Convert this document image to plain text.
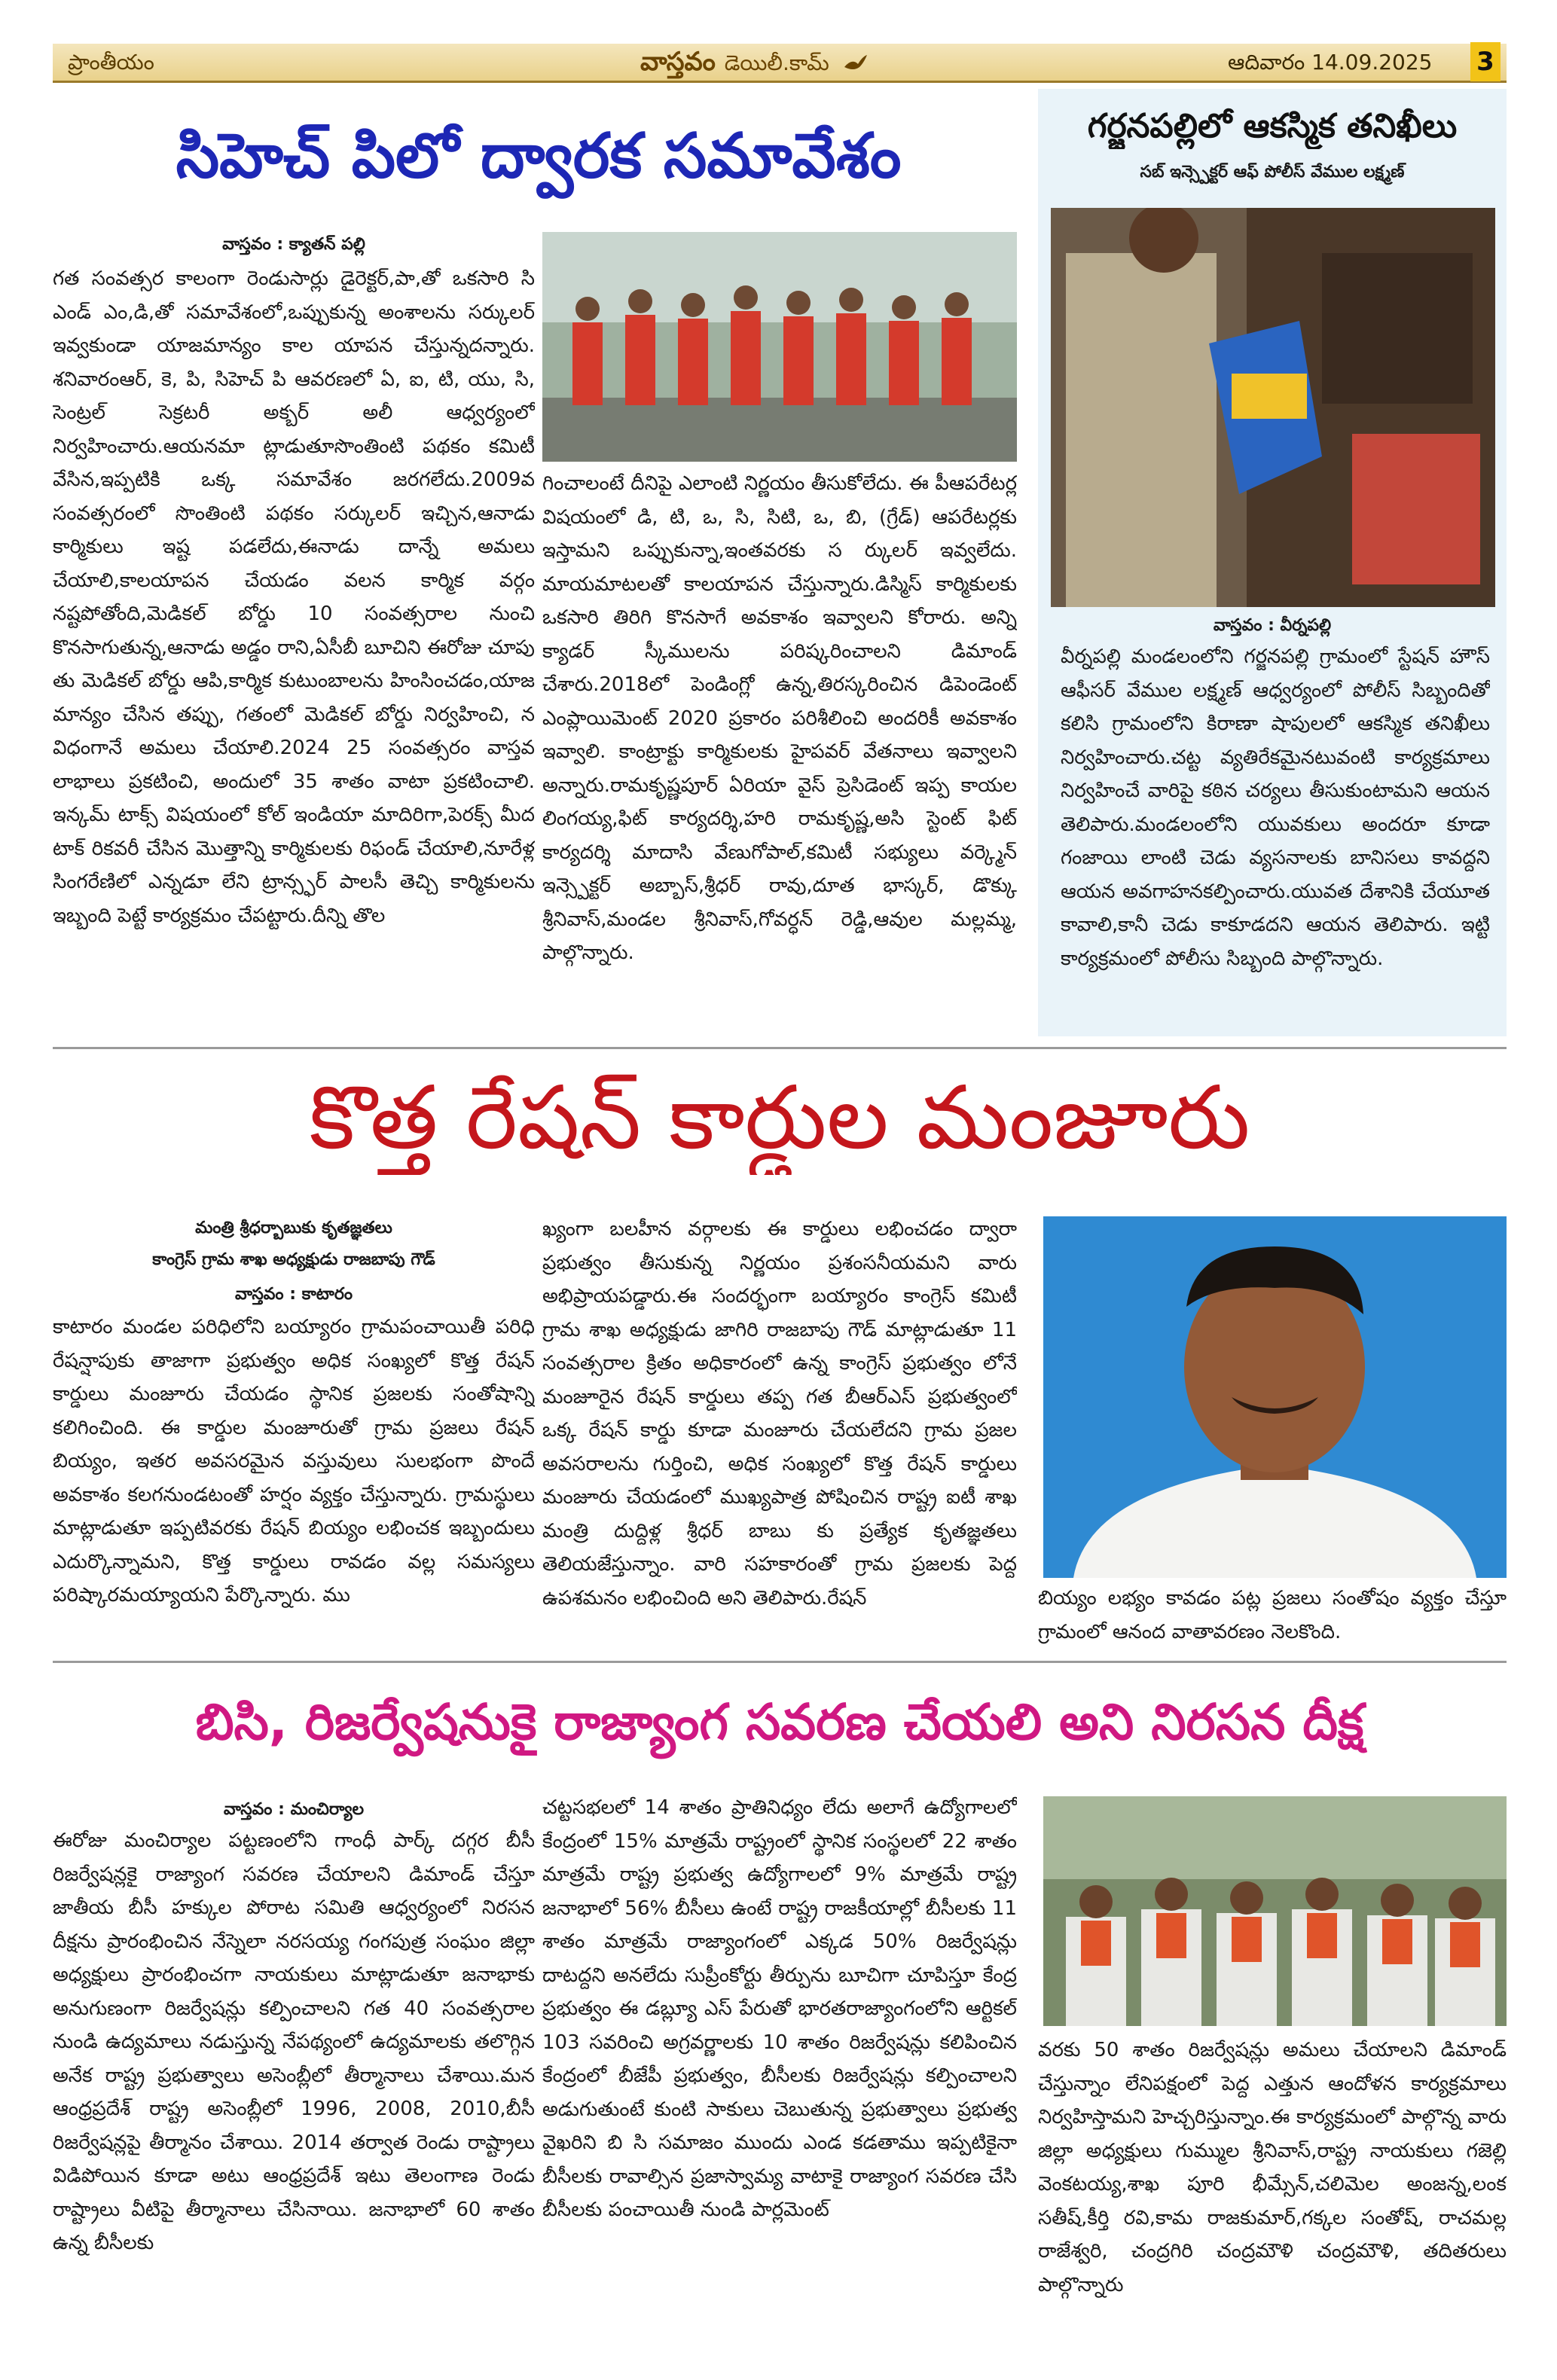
ప్రాంతీయం	వాస్తవం డెయిలీ.కామ్	ఆదివారం 14.09.2025 3
సిహెచ్ పిలో ద్వారక సమావేశం
వాస్తవం : క్యాతన్ పల్లి
గత సంవత్సర కాలంగా రెండుసార్లు డైరెక్టర్,పా,తో ఒకసారి సి ఎండ్ ఎం,డి,తో సమావేశంలో,ఒప్పుకున్న అంశాలను సర్కులర్ ఇవ్వకుండా యాజమాన్యం కాల యాపన చేస్తున్నదన్నారు. శనివారంఆర్, కె, పి, సిహెచ్ పి ఆవరణలో ఏ, ఐ, టి, యు, సి, సెంట్రల్ సెక్రటరీ అక్బర్ అలీ ఆధ్వర్యంలో నిర్వహించారు.ఆయనమా ట్లాడుతూసొంతింటి పథకం కమిటీ వేసిన,ఇప్పటికి ఒక్క సమావేశం జరగలేదు.2009వ సంవత్సరంలో సొంతింటి పథకం సర్కులర్ ఇచ్చిన,ఆనాడు కార్మికులు ఇష్ట పడలేదు,ఈనాడు దాన్నే అమలు చేయాలి,కాలయాపన చేయడం వలన కార్మిక వర్గం నష్టపోతోంది,మెడికల్ బోర్డు 10 సంవత్సరాల నుంచి కొనసాగుతున్న,ఆనాడు అడ్డం రాని,ఏసీబీ బూచిని ఈరోజు చూపు తు మెడికల్ బోర్డు ఆపి,కార్మిక కుటుంబాలను హింసించడం,యాజ మాన్యం చేసిన తప్పు, గతంలో మెడికల్ బోర్డు నిర్వహించి, న విధంగానే అమలు చేయాలి.2024 25 సంవత్సరం వాస్తవ లాభాలు ప్రకటించి, అందులో 35 శాతం వాటా ప్రకటించాలి. ఇన్కమ్ టాక్స్ విషయంలో కోల్ ఇండియా మాదిరిగా,పెరక్స్ మీద టాక్ రికవరీ చేసిన మొత్తాన్ని కార్మికులకు రిఫండ్ చేయాలి,నూరేళ్ల సింగరేణిలో ఎన్నడూ లేని ట్రాన్స్ఫర్ పాలసీ తెచ్చి కార్మికులను ఇబ్బంది పెట్టే కార్యక్రమం చేపట్టారు.దీన్ని తొల
గించాలంటే దీనిపై ఎలాంటి నిర్ణయం తీసుకోలేదు. ఈ పీఆపరేటర్ల విషయంలో డి, టి, ఒ, సి, సిటి, ఒ, బి, (గ్రేడ్) ఆపరేటర్లకు ఇస్తామని ఒప్పుకున్నా,ఇంతవరకు స ర్కులర్ ఇవ్వలేదు. మాయమాటలతో కాలయాపన చేస్తున్నారు.డిస్మిస్ కార్మికులకు ఒకసారి తిరిగి కొనసాగే అవకాశం ఇవ్వాలని కోరారు. అన్ని క్యాడర్ స్కీములను పరిష్కరించాలని డిమాండ్ చేశారు.2018లో పెండింగ్లో ఉన్న,తిరస్కరించిన డిపెండెంట్ ఎంప్లాయిమెంట్ 2020 ప్రకారం పరిశీలించి అందరికీ అవకాశం ఇవ్వాలి. కాంట్రాక్టు కార్మికులకు హైపవర్ వేతనాలు ఇవ్వాలని అన్నారు.రామకృష్ణపూర్ ఏరియా వైస్ ప్రెసిడెంట్ ఇప్ప కాయల లింగయ్య,ఫిట్ కార్యదర్శి,హరి రామకృష్ణ,అసి స్టెంట్ ఫిట్ కార్యదర్శి మాదాసి వేణుగోపాల్,కమిటీ సభ్యులు వర్క్మెన్ ఇన్స్పెక్టర్ అబ్బాస్,శ్రీధర్ రావు,దూత భాస్కర్, డొక్కు శ్రీనివాస్,మండల శ్రీనివాస్,గోవర్ధన్ రెడ్డి,ఆవుల మల్లమ్మ, పాల్గొన్నారు.
గర్జనపల్లిలో ఆకస్మిక తనిఖీలు
సబ్ ఇన్స్పెక్టర్ ఆఫ్ పోలీస్ వేముల లక్ష్మణ్
వాస్తవం : వీర్నపల్లి
వీర్నపల్లి మండలంలోని గర్జనపల్లి గ్రామంలో స్టేషన్ హౌస్ ఆఫీసర్ వేముల లక్ష్మణ్ ఆధ్వర్యంలో పోలీస్ సిబ్బందితో కలిసి గ్రామంలోని కిరాణా షాపులలో ఆకస్మిక తనిఖీలు నిర్వహించారు.చట్ట వ్యతిరేకమైనటువంటి కార్యక్రమాలు నిర్వహించే వారిపై కఠిన చర్యలు తీసుకుంటామని ఆయన తెలిపారు.మండలంలోని యువకులు అందరూ కూడా గంజాయి లాంటి చెడు వ్యసనాలకు బానిసలు కావద్దని ఆయన అవగాహనకల్పించారు.యువత దేశానికి చేయూత కావాలి,కానీ చెడు కాకూడదని ఆయన తెలిపారు. ఇట్టి కార్యక్రమంలో పోలీసు సిబ్బంది పాల్గొన్నారు.
కొత్త రేషన్ కార్డుల మంజూరు
మంత్రి శ్రీధర్బాబుకు కృతజ్ఞతలు
కాంగ్రెస్ గ్రామ శాఖ అధ్యక్షుడు రాజబాపు గౌడ్
వాస్తవం : కాటారం
కాటారం మండల పరిధిలోని బయ్యారం గ్రామపంచాయితీ పరిధి రేషన్షాపుకు తాజాగా ప్రభుత్వం అధిక సంఖ్యలో కొత్త రేషన్ కార్డులు మంజూరు చేయడం స్థానిక ప్రజలకు సంతోషాన్ని కలిగించింది. ఈ కార్డుల మంజూరుతో గ్రామ ప్రజలు రేషన్ బియ్యం, ఇతర అవసరమైన వస్తువులు సులభంగా పొందే అవకాశం కలగనుండటంతో హర్షం వ్యక్తం చేస్తున్నారు. గ్రామస్థులు మాట్లాడుతూ ఇప్పటివరకు రేషన్ బియ్యం లభించక ఇబ్బందులు ఎదుర్కొన్నామని, కొత్త కార్డులు రావడం వల్ల సమస్యలు పరిష్కారమయ్యాయని పేర్కొన్నారు. ము
ఖ్యంగా బలహీన వర్గాలకు ఈ కార్డులు లభించడం ద్వారా ప్రభుత్వం తీసుకున్న నిర్ణయం ప్రశంసనీయమని వారు అభిప్రాయపడ్డారు.ఈ సందర్భంగా బయ్యారం కాంగ్రెస్ కమిటీ గ్రామ శాఖ అధ్యక్షుడు జాగిరి రాజబాపు గౌడ్ మాట్లాడుతూ 11 సంవత్సరాల క్రితం అధికారంలో ఉన్న కాంగ్రెస్ ప్రభుత్వం లోనే మంజూరైన రేషన్ కార్డులు తప్ప గత బీఆర్ఎస్ ప్రభుత్వంలో ఒక్క రేషన్ కార్డు కూడా మంజూరు చేయలేదని గ్రామ ప్రజల అవసరాలను గుర్తించి, అధిక సంఖ్యలో కొత్త రేషన్ కార్డులు మంజూరు చేయడంలో ముఖ్యపాత్ర పోషించిన రాష్ట్ర ఐటీ శాఖ మంత్రి దుద్దిళ్ల శ్రీధర్ బాబు కు ప్రత్యేక కృతజ్ఞతలు తెలియజేస్తున్నాం. వారి సహకారంతో గ్రామ ప్రజలకు పెద్ద ఉపశమనం లభించింది అని తెలిపారు.రేషన్	బియ్యం లభ్యం కావడం పట్ల ప్రజలు సంతోషం వ్యక్తం చేస్తూ గ్రామంలో ఆనంద వాతావరణం నెలకొంది.
బిసి, రిజర్వేషనుకై రాజ్యాంగ సవరణ చేయలి అని నిరసన దీక్ష
వాస్తవం : మంచిర్యాల
ఈరోజు మంచిర్యాల పట్టణంలోని గాంధీ పార్క్ దగ్గర బీసీ రిజర్వేషన్లకై రాజ్యాంగ సవరణ చేయాలని డిమాండ్ చేస్తూ జాతీయ బీసీ హక్కుల పోరాట సమితి ఆధ్వర్యంలో నిరసన దీక్షను ప్రారంభించిన నేస్నెలా నరసయ్య గంగపుత్ర సంఘం జిల్లా అధ్యక్షులు ప్రారంభించగా నాయకులు మాట్లాడుతూ జనాభాకు అనుగుణంగా రిజర్వేషన్లు కల్పించాలని గత 40 సంవత్సరాల నుండి ఉద్యమాలు నడుస్తున్న నేపథ్యంలో ఉద్యమాలకు తలొగ్గిన అనేక రాష్ట్ర ప్రభుత్వాలు అసెంబ్లీలో తీర్మానాలు చేశాయి.మన ఆంధ్రప్రదేశ్ రాష్ట్ర అసెంబ్లీలో 1996, 2008, 2010,బీసీ రిజర్వేషన్లపై తీర్మానం చేశాయి. 2014 తర్వాత రెండు రాష్ట్రాలు విడిపోయిన కూడా అటు ఆంధ్రప్రదేశ్ ఇటు తెలంగాణ రెండు రాష్ట్రాలు వీటిపై తీర్మానాలు చేసినాయి. జనాభాలో 60 శాతం ఉన్న బీసీలకు
చట్టసభలలో 14 శాతం ప్రాతినిధ్యం లేదు అలాగే ఉద్యోగాలలో కేంద్రంలో 15% మాత్రమే రాష్ట్రంలో స్థానిక సంస్థలలో 22 శాతం మాత్రమే రాష్ట్ర ప్రభుత్వ ఉద్యోగాలలో 9% మాత్రమే రాష్ట్ర జనాభాలో 56% బీసీలు ఉంటే రాష్ట్ర రాజకీయాల్లో బీసీలకు 11 శాతం మాత్రమే రాజ్యాంగంలో ఎక్కడ 50% రిజర్వేషన్లు దాటద్దని అనలేదు సుప్రీంకోర్టు తీర్పును బూచిగా చూపిస్తూ కేంద్ర ప్రభుత్వం ఈ డబ్ల్యూ ఎస్ పేరుతో భారతరాజ్యాంగంలోని ఆర్టికల్ 103 సవరించి అగ్రవర్ణాలకు 10 శాతం రిజర్వేషన్లు కలిపించిన కేంద్రంలో బీజేపీ ప్రభుత్వం, బీసీలకు రిజర్వేషన్లు కల్పించాలని అడుగుతుంటే కుంటి సాకులు చెబుతున్న ప్రభుత్వాలు ప్రభుత్వ వైఖరిని బి సి సమాజం ముందు ఎండ కడతాము ఇప్పటికైనా బీసీలకు రావాల్సిన ప్రజాస్వామ్య వాటాకై రాజ్యాంగ సవరణ చేసి బీసీలకు పంచాయితీ నుండి పార్లమెంట్
వరకు 50 శాతం రిజర్వేషన్లు అమలు చేయాలని డిమాండ్ చేస్తున్నాం లేనిపక్షంలో పెద్ద ఎత్తున ఆందోళన కార్యక్రమాలు నిర్వహిస్తామని హెచ్చరిస్తున్నాం.ఈ కార్యక్రమంలో పాల్గొన్న వారు జిల్లా అధ్యక్షులు గుమ్ముల శ్రీనివాస్,రాష్ట్ర నాయకులు గజెల్లి వెంకటయ్య,శాఖ పూరి భీమ్సేన్,చలిమెల అంజన్న,లంక సతీష్,కీర్తి రవి,కామ రాజకుమార్,గక్కల సంతోష్, రాచమల్ల రాజేశ్వరి, చంద్రగిరి చంద్రమౌళి చంద్రమౌళి, తదితరులు పాల్గొన్నారు
